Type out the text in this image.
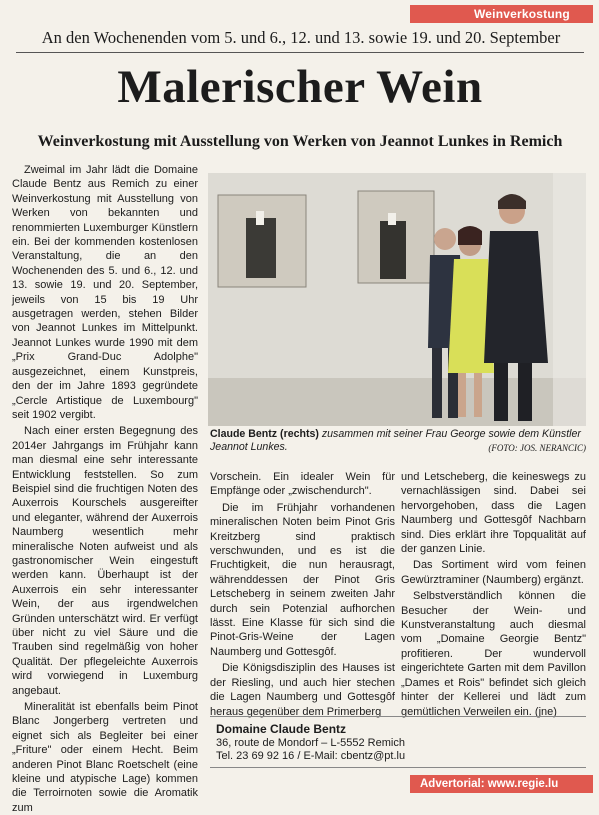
Weinverkostung
An den Wochenenden vom 5. und 6., 12. und 13. sowie 19. und 20. September
Malerischer Wein
Weinverkostung mit Ausstellung von Werken von Jeannot Lunkes in Remich

Zweimal im Jahr lädt die Domaine Claude Bentz aus Remich zu einer Weinverkostung mit Ausstellung von Werken von bekannten und renommierten Luxemburger Künstlern ein. Bei der kommenden kostenlosen Veranstaltung, die an den Wochenenden des 5. und 6., 12. und 13. sowie 19. und 20. September, jeweils von 15 bis 19 Uhr ausgetragen werden, stehen Bilder von Jeannot Lunkes im Mittelpunkt. Jeannot Lunkes wurde 1990 mit dem „Prix Grand-Duc Adolphe" ausgezeichnet, einem Kunstpreis, den der im Jahre 1893 gegründete „Cercle Artistique de Luxembourg" seit 1902 vergibt.

Nach einer ersten Begegnung des 2014er Jahrgangs im Frühjahr kann man diesmal eine sehr interessante Entwicklung feststellen. So zum Beispiel sind die fruchtigen Noten des Auxerrois Kourschels ausgereifter und eleganter, während der Auxerrois Naumberg wesentlich mehr mineralische Noten aufweist und als gastronomischer Wein eingestuft werden kann. Überhaupt ist der Auxerrois ein sehr interessanter Wein, der aus irgendwelchen Gründen unterschätzt wird. Er verfügt über nicht zu viel Säure und die Trauben sind regelmäßig von hoher Qualität. Der pflegeleichte Auxerrois wird vorwiegend in Luxemburg angebaut.

Mineralität ist ebenfalls beim Pinot Blanc Jongerberg vertreten und eignet sich als Begleiter bei einer „Friture" oder einem Hecht. Beim anderen Pinot Blanc Roetschelt (eine kleine und atypische Lage) kommen die Terroirnoten sowie die Aromatik zum

Claude Bentz (rechts) zusammen mit seiner Frau George sowie dem Künstler Jeannot Lunkes.	(FOTO: JOS. NERANCIC)

Vorschein. Ein idealer Wein für Empfänge oder „zwischendurch".

Die im Frühjahr vorhandenen mineralischen Noten beim Pinot Gris Kreitzberg sind praktisch verschwunden, und es ist die Fruchtigkeit, die nun herausragt, währenddessen der Pinot Gris Letscheberg in seinem zweiten Jahr durch sein Potenzial aufhorchen lässt. Eine Klasse für sich sind die Pinot-Gris-Weine der Lagen Naumberg und Gottesgôf.

Die Königsdisziplin des Hauses ist der Riesling, und auch hier stechen die Lagen Naumberg und Gottesgôf heraus gegenüber dem Primerberg

und Letscheberg, die keineswegs zu vernachlässigen sind. Dabei sei hervorgehoben, dass die Lagen Naumberg und Gottesgôf Nachbarn sind. Dies erklärt ihre Topqualität auf der ganzen Linie.

Das Sortiment wird vom feinen Gewürztraminer (Naumberg) ergänzt.

Selbstverständlich können die Besucher der Wein- und Kunstveranstaltung auch diesmal vom „Domaine Georgie Bentz" profitieren. Der wundervoll eingerichtete Garten mit dem Pavillon „Dames et Rois" befindet sich gleich hinter der Kellerei und lädt zum gemütlichen Verweilen ein. (jne)

Domaine Claude Bentz
36, route de Mondorf – L-5552 Remich
Tel. 23 69 92 16 / E-Mail: cbentz@pt.lu
Advertorial: www.regie.lu
